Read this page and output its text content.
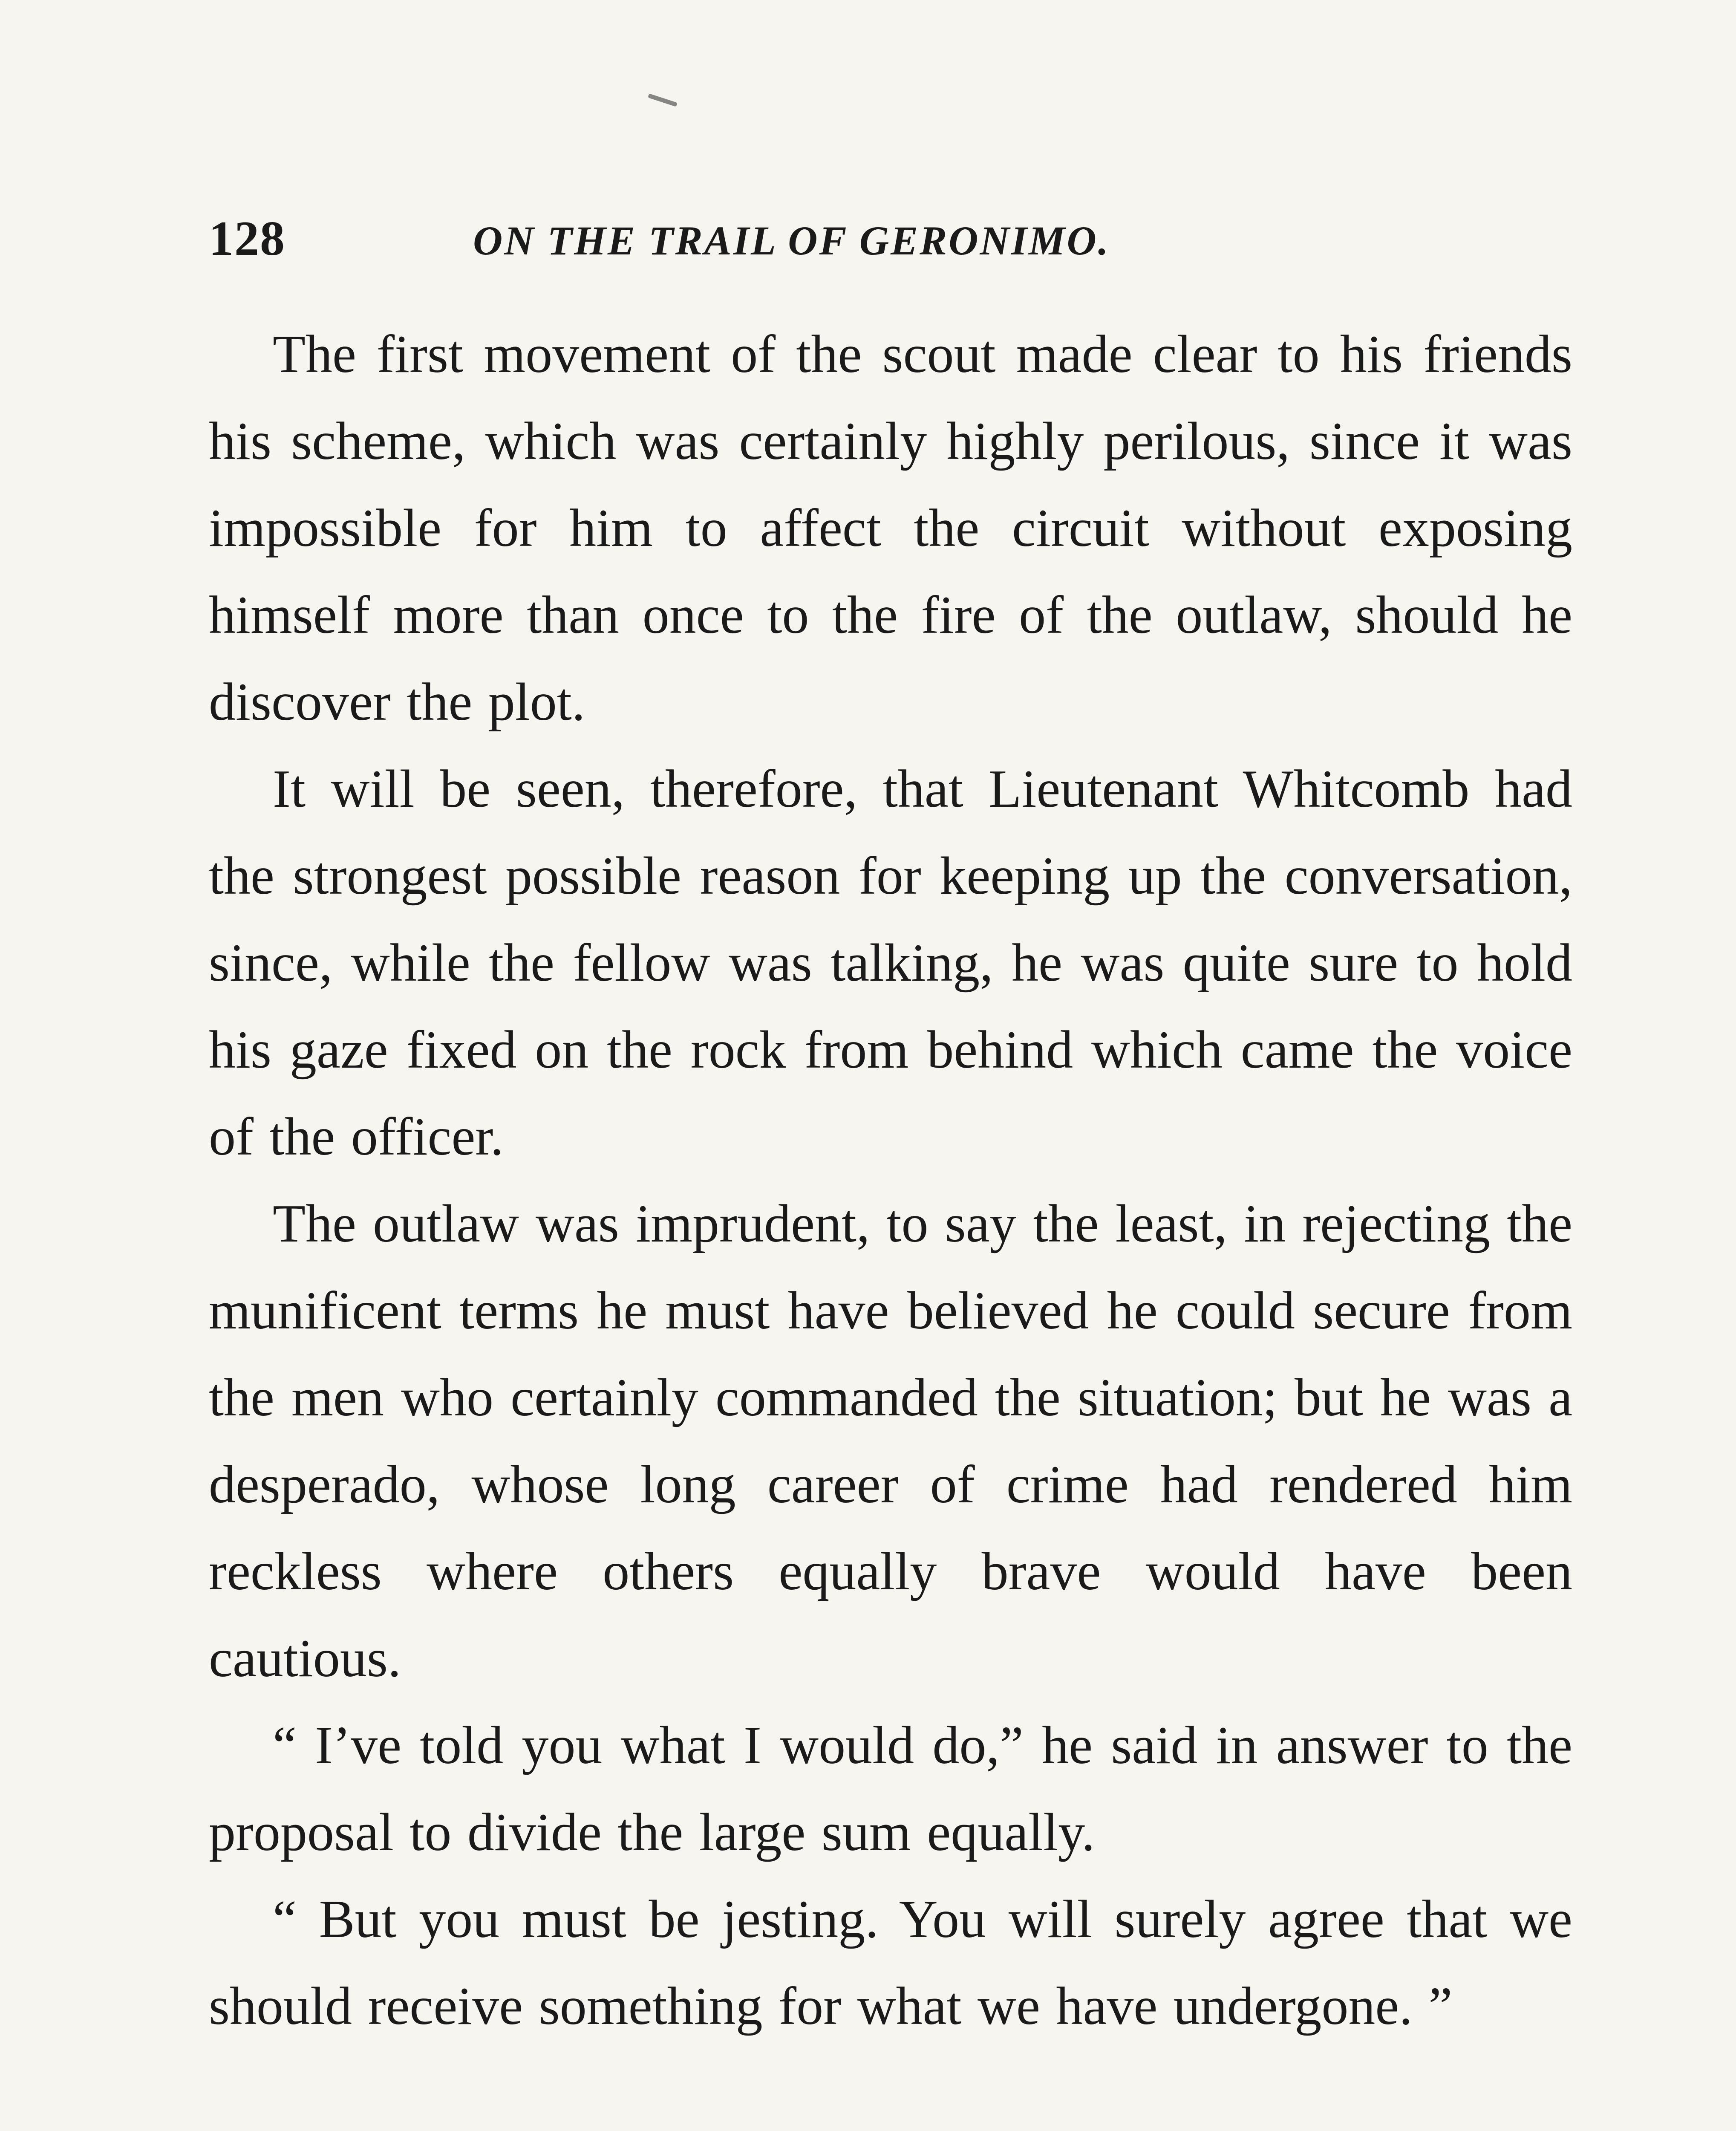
128	ON THE TRAIL OF GERONIMO.

The first movement of the scout made clear to his friends his scheme, which was certainly highly perilous, since it was impossible for him to affect the circuit without exposing himself more than once to the fire of the outlaw, should he discover the plot.

It will be seen, therefore, that Lieutenant Whitcomb had the strongest possible reason for keeping up the conversation, since, while the fellow was talking, he was quite sure to hold his gaze fixed on the rock from behind which came the voice of the officer.

The outlaw was imprudent, to say the least, in rejecting the munificent terms he must have believed he could secure from the men who certainly commanded the situation; but he was a desperado, whose long career of crime had rendered him reckless where others equally brave would have been cautious.

“ I’ve told you what I would do,” he said in answer to the proposal to divide the large sum equally.

“ But you must be jesting. You will surely agree that we should receive something for what we have undergone. ”
